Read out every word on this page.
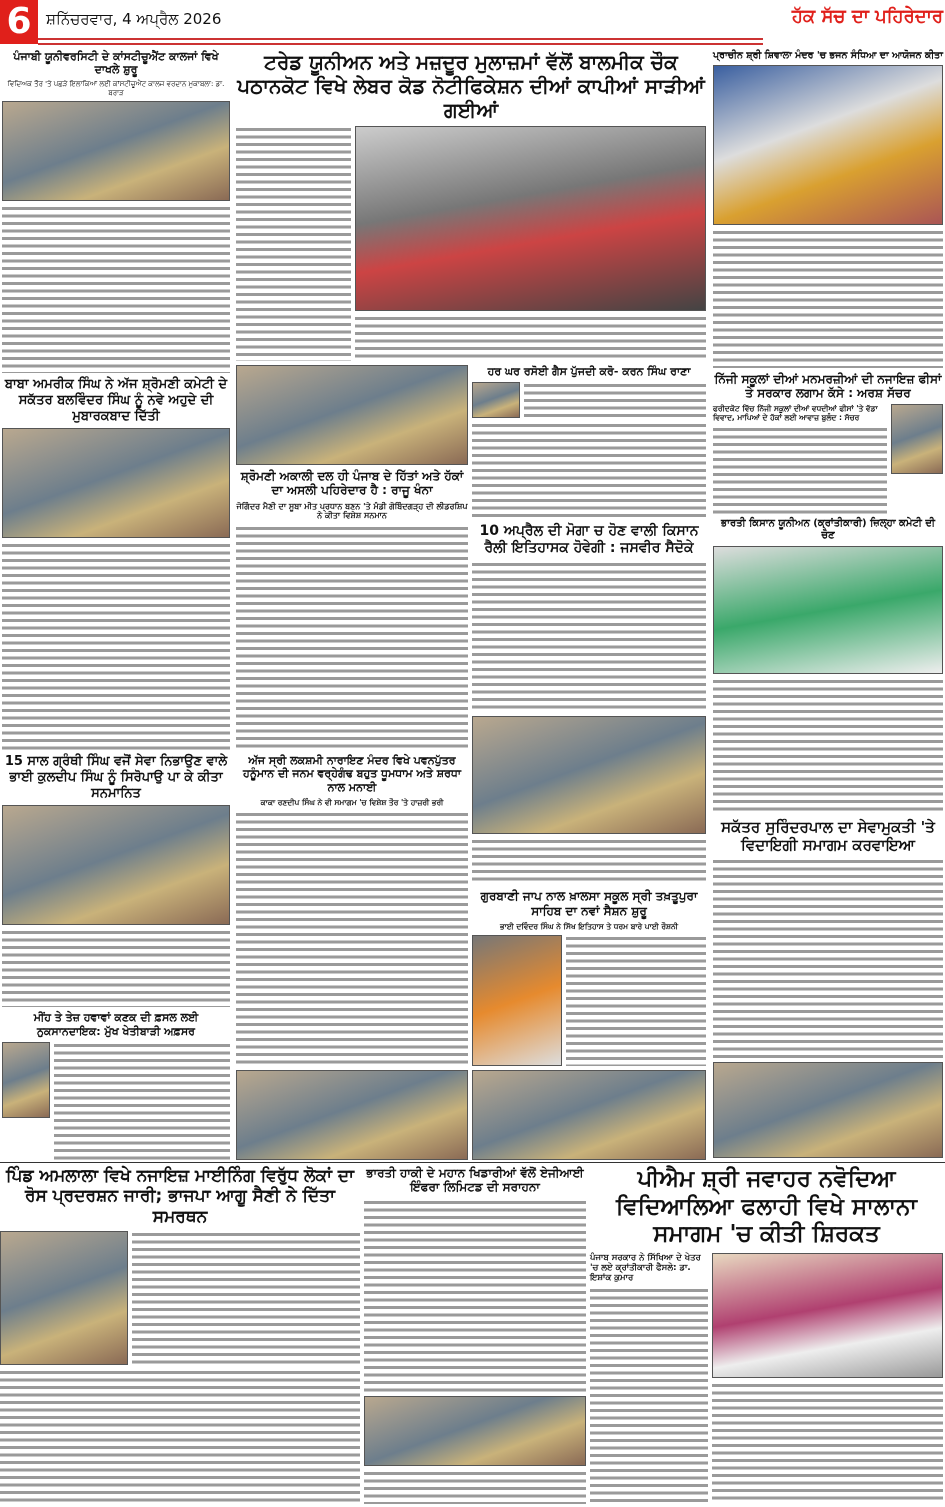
6 ਸ਼ਨਿੱਚਰਵਾਰ, 4 ਅਪ੍ਰੈਲ 2026	ਹੱਕ ਸੱਚ ਦਾ ਪਹਿਰੇਦਾਰ
ਪੰਜਾਬੀ ਯੂਨੀਵਰਸਿਟੀ ਦੇ ਕਾਂਸਟੀਚੂਐਂਟ ਕਾਲਜਾਂ ਵਿਖੇ ਦਾਖਲੇ ਸ਼ੁਰੂ
ਵਿਦਿਅਕ ਤੌਰ 'ਤੇ ਪਛੜੇ ਇਲਾਕਿਆਂ ਲਈ ਕਾਂਸਟੀਚੂਐਂਟ ਕਾਲਜ ਵਰਦਾਨ ਮੁਕਾਬਲਾ: ਡਾ. ਬਰਾੜ
ਬਾਬਾ ਅਮਰੀਕ ਸਿੰਘ ਨੇ ਅੱਜ ਸ਼੍ਰੋਮਣੀ ਕਮੇਟੀ ਦੇ ਸਕੱਤਰ ਬਲਵਿੰਦਰ ਸਿੰਘ ਨੂੰ ਨਵੇ ਅਹੁਦੇ ਦੀ ਮੁਬਾਰਕਬਾਦ ਦਿੱਤੀ
15 ਸਾਲ ਗ੍ਰੰਥੀ ਸਿੰਘ ਵਜੋਂ ਸੇਵਾ ਨਿਭਾਉਣ ਵਾਲੇ ਭਾਈ ਕੁਲਦੀਪ ਸਿੰਘ ਨੂੰ ਸਿਰੋਪਾਉ ਪਾ ਕੇ ਕੀਤਾ ਸਨਮਾਨਿਤ
ਮੀਂਹ ਤੇ ਤੇਜ਼ ਹਵਾਵਾਂ ਕਣਕ ਦੀ ਫ਼ਸਲ ਲਈ ਨੁਕਸਾਨਦਾਇਕ: ਮੁੱਖ ਖੇਤੀਬਾੜੀ ਅਫ਼ਸਰ
ਟਰੇਡ ਯੂਨੀਅਨ ਅਤੇ ਮਜ਼ਦੂਰ ਮੁਲਾਜ਼ਮਾਂ ਵੱਲੋਂ ਬਾਲਮੀਕ ਚੌਕ ਪਠਾਨਕੋਟ ਵਿਖੇ ਲੇਬਰ ਕੋਡ ਨੋਟੀਫਿਕੇਸ਼ਨ ਦੀਆਂ ਕਾਪੀਆਂ ਸਾੜੀਆਂ ਗਈਆਂ
ਸ਼੍ਰੋਮਣੀ ਅਕਾਲੀ ਦਲ ਹੀ ਪੰਜਾਬ ਦੇ ਹਿੱਤਾਂ ਅਤੇ ਹੱਕਾਂ ਦਾ ਅਸਲੀ ਪਹਿਰੇਦਾਰ ਹੈ : ਰਾਜੂ ਖੰਨਾ
ਜੋਗਿੰਦਰ ਮੈਣੀ ਦਾ ਸੂਬਾ ਮੀਤ ਪ੍ਰਧਾਨ ਬਣਨ 'ਤੇ ਮੰਡੀ ਗੋਬਿੰਦਗੜ੍ਹ ਦੀ ਲੀਡਰਸ਼ਿਪ ਨੇ ਕੀਤਾ ਵਿਸ਼ੇਸ਼ ਸਨਮਾਨ
ਅੱਜ ਸ੍ਰੀ ਲਕਸ਼ਮੀ ਨਾਰਾਇਣ ਮੰਦਰ ਵਿਖੇ ਪਵਨਪੁੱਤਰ ਹਨੂੰਮਾਨ ਦੀ ਜਨਮ ਵਰ੍ਹੇਗੰਢ ਬਹੁਤ ਧੂਮਧਾਮ ਅਤੇ ਸ਼ਰਧਾ ਨਾਲ ਮਨਾਈ
ਕਾਕਾ ਰਣਦੀਪ ਸਿੰਘ ਨੇ ਵੀ ਸਮਾਗਮ 'ਚ ਵਿਸ਼ੇਸ਼ ਤੌਰ 'ਤੇ ਹਾਜ਼ਰੀ ਭਰੀ
ਹਰ ਘਰ ਰਸੋਈ ਗੈਸ ਪੁੱਜਦੀ ਕਰੋ- ਕਰਨ ਸਿੰਘ ਰਾਣਾ
10 ਅਪ੍ਰੈਲ ਦੀ ਮੋਗਾ ਚ ਹੋਣ ਵਾਲੀ ਕਿਸਾਨ ਰੈਲੀ ਇਤਿਹਾਸਕ ਹੋਵੇਗੀ : ਜਸਵੀਰ ਸੈਦੋਕੇ
ਗੁਰਬਾਣੀ ਜਾਪ ਨਾਲ ਖ਼ਾਲਸਾ ਸਕੂਲ ਸ੍ਰੀ ਤਖ਼ਤੂਪੁਰਾ ਸਾਹਿਬ ਦਾ ਨਵਾਂ ਸੈਸ਼ਨ ਸ਼ੁਰੂ
ਭਾਈ ਦਵਿੰਦਰ ਸਿੰਘ ਨੇ ਸਿੱਖ ਇਤਿਹਾਸ ਤੇ ਧਰਮ ਬਾਰੇ ਪਾਈ ਰੌਸ਼ਨੀ
ਪ੍ਰਾਚੀਨ ਸ਼੍ਰੀ ਸ਼ਿਵਾਲਾ ਮੰਦਰ 'ਚ ਭਜਨ ਸੰਧਿਆ ਦਾ ਆਯੋਜਨ ਕੀਤਾ
ਨਿੱਜੀ ਸਕੂਲਾਂ ਦੀਆਂ ਮਨਮਰਜ਼ੀਆਂ ਦੀ ਨਜਾਇਜ਼ ਫੀਸਾਂ ਤੇ ਸਰਕਾਰ ਲਗਾਮ ਕੱਸੇ : ਅਰਸ਼ ਸੱਚਰ
ਫਰੀਦਕੋਟ ਵਿੱਚ ਨਿੱਜੀ ਸਕੂਲਾਂ ਦੀਆਂ ਵਧਦੀਆਂ ਫੀਸਾਂ 'ਤੇ ਵੱਡਾ ਵਿਵਾਦ, ਮਾਪਿਆਂ ਦੇ ਹੱਕਾਂ ਲਈ ਆਵਾਜ਼ ਬੁਲੰਦ : ਸੱਚਰ
ਭਾਰਤੀ ਕਿਸਾਨ ਯੂਨੀਅਨ (ਕ੍ਰਾਂਤੀਕਾਰੀ) ਜ਼ਿਲ੍ਹਾ ਕਮੇਟੀ ਦੀ ਚੋਣ
ਸਕੱਤਰ ਸੁਰਿੰਦਰਪਾਲ ਦਾ ਸੇਵਾਮੁਕਤੀ 'ਤੇ ਵਿਦਾਇਗੀ ਸਮਾਗਮ ਕਰਵਾਇਆ
ਪਿੰਡ ਅਮਲਾਲਾ ਵਿਖੇ ਨਜਾਇਜ਼ ਮਾਈਨਿੰਗ ਵਿਰੁੱਧ ਲੋਕਾਂ ਦਾ ਰੋਸ ਪ੍ਰਦਰਸ਼ਨ ਜਾਰੀ; ਭਾਜਪਾ ਆਗੂ ਸੈਣੀ ਨੇ ਦਿੱਤਾ ਸਮਰਥਨ
ਭਾਰਤੀ ਹਾਕੀ ਦੇ ਮਹਾਨ ਖਿਡਾਰੀਆਂ ਵੱਲੋਂ ਏਜੀਆਈ ਇੰਫਰਾ ਲਿਮਿਟਡ ਦੀ ਸਰਾਹਨਾ	ਪੀਐਮ ਸ਼੍ਰੀ ਜਵਾਹਰ ਨਵੋਦਿਆ ਵਿਦਿਆਲਿਆ ਫਲਾਹੀ ਵਿਖੇ ਸਾਲਾਨਾ ਸਮਾਗਮ 'ਚ ਕੀਤੀ ਸ਼ਿਰਕਤ
ਪੰਜਾਬ ਸਰਕਾਰ ਨੇ ਸਿੱਖਿਆ ਦੇ ਖੇਤਰ 'ਚ ਲਏ ਕ੍ਰਾਂਤੀਕਾਰੀ ਫੈਸਲੇ: ਡਾ. ਇਸ਼ਾਂਕ ਕੁਮਾਰ
